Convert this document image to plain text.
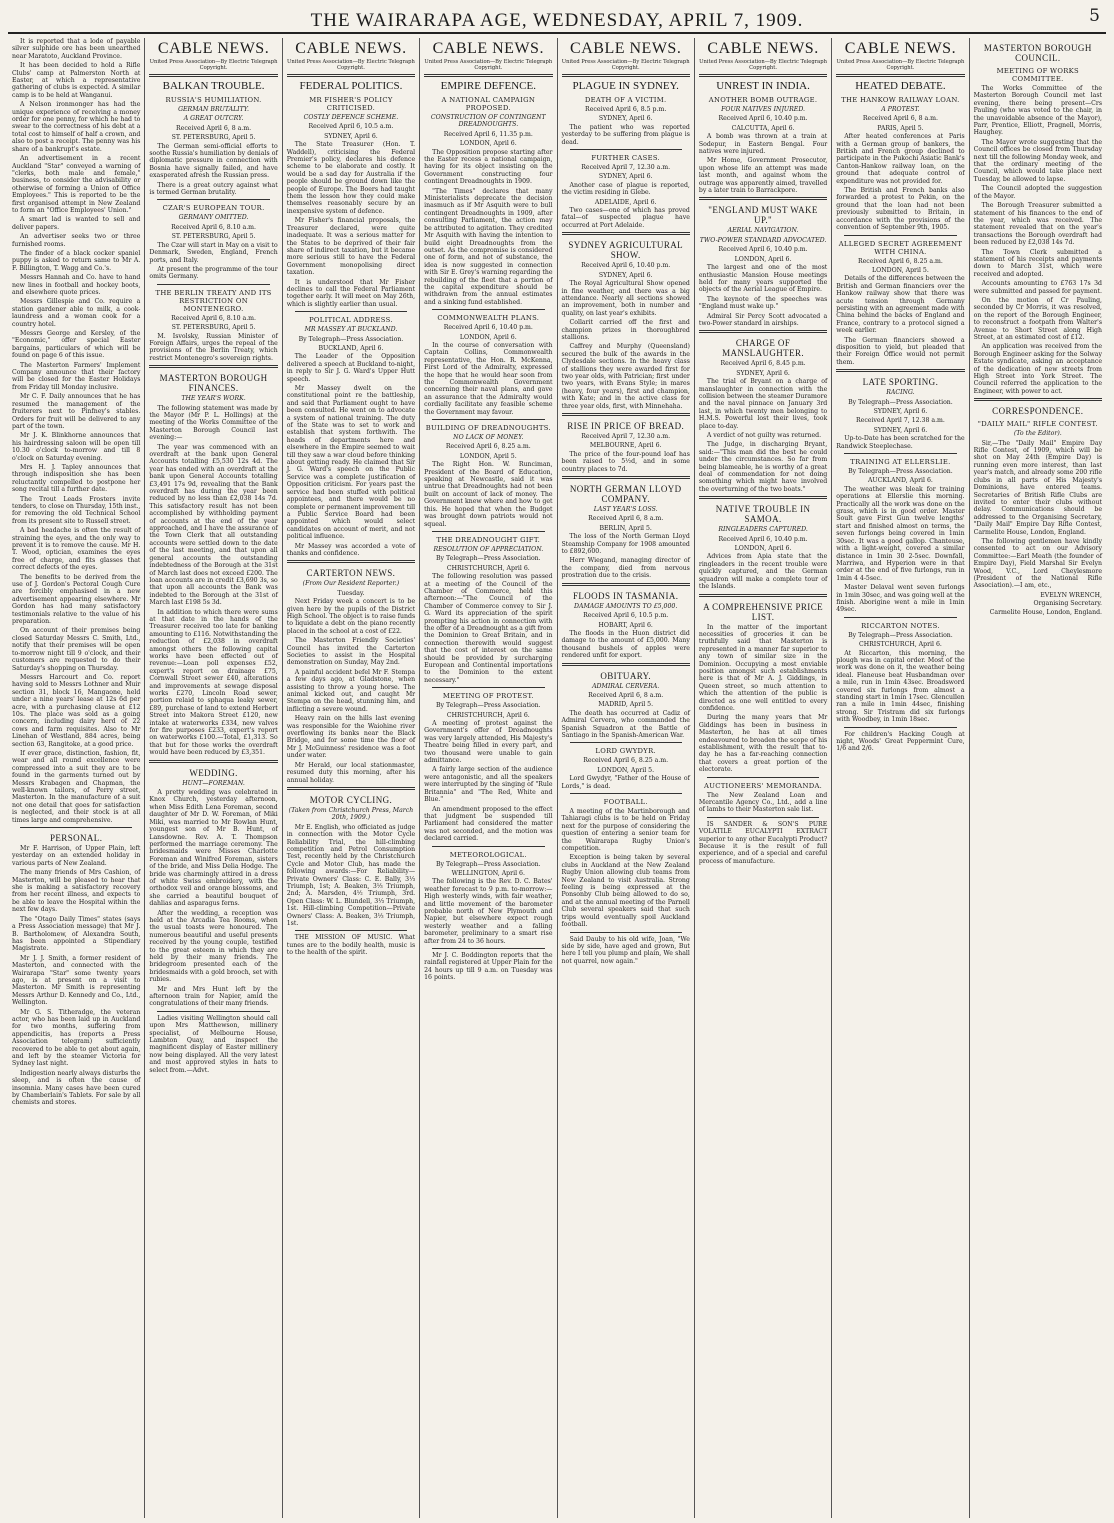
THE WAIRARAPA AGE, WEDNESDAY, APRIL 7, 1909.	5

It is reported that a lode of payable silver sulphide ore has been unearthed near Maratoto, Auckland Province.

It has been decided to hold a Rifle Clubs' camp at Palmerston North at Easter, at which a representative gathering of clubs is expected. A similar camp is to be held at Wanganui.

A Nelson ironmonger has had the unique experience of receiving a money order for one penny, for which he had to swear to the correctness of his debt at a total cost to himself of half a crown, and also to post a receipt. The penny was his share of a bankrupt's estate.

An advertisement in a recent Auckland "Star" conveyed a warning of "clerks, both male and female," business, to consider the advisability or otherwise of forming a Union of Office Employees." This is reported to be the first organised attempt in New Zealand to form an "Office Employees' Union."

A smart lad is wanted to sell and deliver papers.

An advertiser seeks two or three furnished rooms.

The finder of a black cocker spaniel puppy is asked to return same to Mr A. F. Billington, T. Wagg and Co.'s.

Messrs Hannah and Co. have to hand new lines in football and hockey boots, and elsewhere quote prices.

Messrs Gillespie and Co. require a station gardener able to milk, a cook-laundress and a woman cook for a country hotel.

Messrs George and Kersley, of the "Economic," offer special Easter bargains, particulars of which will be found on page 6 of this issue.

The Masterton Farmers' Implement Company announce that their factory will be closed for the Easter Holidays from Friday till Monday inclusive.

Mr C. F. Daily announces that he has resumed the management of the fruiterers next to Pinfney's stables. Orders for fruit will be delivered to any part of the town.

Mr J. K. Blinkhorne announces that his hairdressing saloon will be open till 10.30 o'clock to-morrow and till 8 o'clock on Saturday evening.

Mrs H. J. Tapley announces that through indisposition she has been reluctantly compelled to postpone her song recital till a further date.

The Trout Leads Frosters invite tenders, to close on Thursday, 15th inst., for removing the old Technical School from its present site to Russell street.

A bad headache is often the result of straining the eyes, and the only way to prevent it is to remove the cause. Mr H. T. Wood, optician, examines the eyes free of charge, and fits glasses that correct defects of the eyes.

The benefits to be derived from the use of J. Gordon's Pectoral Cough Cure are forcibly emphasised in a new advertisement appearing elsewhere. Mr Gordon has had many satisfactory testimonials relative to the value of his preparation.

On account of their premises being closed Saturday Messrs C. Smith, Ltd., notify that their premises will be open to-morrow night till 9 o'clock, and their customers are requested to do their Saturday's shopping on Thursday.

Messrs Harcourt and Co. report having sold to Messrs Lothner and Muir section 31, block 16, Mangaone, held under a nine years' lease at 12s 6d per acre, with a purchasing clause at £12 10s. The place was sold as a going concern, including dairy herd of 22 cows and farm requisites. Also to Mr Linehan of Westland, 884 acres, being section 63, Rangitoke, at a good price.

If ever grace, distinction, fashion, fit, wear and all round excellence were compressed into a suit they are to be found in the garments turned out by Messrs Krabagen and Chapman, the well-known tailors, of Perry street, Masterton. In the manufacture of a suit not one detail that goes for satisfaction is neglected, and their stock is at all times large and comprehensive.

PERSONAL.

Mr F. Harrison, of Upper Plain, left yesterday on an extended holiday in various parts of New Zealand.

The many friends of Mrs Cashion, of Masterton, will be pleased to hear that she is making a satisfactory recovery from her recent illness, and expects to be able to leave the Hospital within the next few days.

The "Otago Daily Times" states (says a Press Association message) that Mr J. B. Bartholomew, of Alexandra South, has been appointed a Stipendiary Magistrate.

Mr J. J. Smith, a former resident of Masterton, and connected with the Wairarapa "Star" some twenty years ago, is at present on a visit to Masterton. Mr Smith is representing Messrs Arthur D. Kennedy and Co., Ltd., Wellington.

Mr G. S. Titheradge, the veteran actor, who has been laid up in Auckland for two months, suffering from appendicitis, has (reports a Press Association telegram) sufficiently recovered to be able to get about again, and left by the steamer Victoria for Sydney last night.

Indigestion nearly always disturbs the sleep, and is often the cause of insomnia. Many cases have been cured by Chamberlain's Tablets. For sale by all chemists and stores.

CABLE NEWS.
United Press Association—By Electric Telegraph Copyright.
BALKAN TROUBLE.
RUSSIA'S HUMILIATION.
GERMAN BRUTALITY.
A GREAT OUTCRY.
Received April 6, 8 a.m.
ST. PETERSBURG, April 5.

The German semi-official efforts to soothe Russia's humiliation by denials of diplomatic pressure in connection with Bosnia have signally failed, and have exasperated afresh the Russian press.

There is a great outcry against what is termed German brutality.

CZAR'S EUROPEAN TOUR.
GERMANY OMITTED.
Received April 6, 8.10 a.m.
ST. PETERSBURG, April 5.

The Czar will start in May on a visit to Denmark, Sweden, England, French ports, and Italy.

At present the programme of the tour omits Germany.

THE BERLIN TREATY AND ITS RESTRICTION ON MONTENEGRO.
Received April 6, 8.10 a.m.
ST. PETERSBURG, April 5.

M. Isvolsky, Russian Minister of Foreign Affairs, urges the repeal of the provisions of the Berlin Treaty, which restrict Montenegro's sovereign rights.

MASTERTON BOROUGH FINANCES.
THE YEAR'S WORK.

The following statement was made by the Mayor (Mr P. L. Hollings) at the meeting of the Works Committee of the Masterton Borough Council last evening:—

The year was commenced with an overdraft at the bank upon General Accounts totalling £5,530 12s 4d. The year has ended with an overdraft at the bank upon General Accounts totalling £3,491 17s 9d, revealing that the Bank overdraft has during the year been reduced by no less than £2,038 14s 7d. This satisfactory result has not been accomplished by withholding payment of accounts at the end of the year approached, and I have the assurance of the Town Clerk that all outstanding accounts were settled down to the date of the last meeting, and that upon all general accounts the outstanding indebtedness of the Borough at the 31st of March last does not exceed £200. The loan accounts are in credit £3,690 3s, so that upon all accounts the Bank was indebted to the Borough at the 31st of March last £198 5s 3d.

In addition to which there were sums at that date in the hands of the Treasurer received too late for banking amounting to £116. Notwithstanding the reduction of £2,038 in overdraft amongst others the following capital works have been effected out of revenue:—Loan poll expenses £52, expert's report on drainage £75, Cornwall Street sewer £40, alterations and improvements at sewage disposal works £270, Lincoln Road sewer, portion relaid to sphaqua leaky sewer, £89, purchase of land to extend Herbert Street into Makora Street £120, new intake at waterworks £334, new valves for fire purposes £233, expert's report on waterworks £100.—Total, £1,313. So that but for those works the overdraft would have been reduced by £3,351.

WEDDING.
HUNT—FOREMAN.

A pretty wedding was celebrated in Knox Church, yesterday afternoon, when Miss Edith Lena Foreman, second daughter of Mr D. W. Foreman, of Miki Miki, was married to Mr Rowlan Hunt, youngest son of Mr B. Hunt, of Lansdowne. Rev. A. T. Thompson performed the marriage ceremony. The bridesmaids were Misses Charlotte Foreman and Winifred Foreman, sisters of the bride, and Miss Delia Hodge. The bride was charmingly attired in a dress of white Swiss embroidery, with the orthodox veil and orange blossoms, and she carried a beautiful bouquet of dahlias and asparagus ferns.

After the wedding, a reception was held at the Arcadia Tea Rooms, when the usual toasts were honoured. The numerous beautiful and useful presents received by the young couple, testified to the great esteem in which they are held by their many friends. The bridegroom presented each of the bridesmaids with a gold brooch, set with rubies.

Mr and Mrs Hunt left by the afternoon train for Napier, amid the congratulations of their many friends.

Ladies visiting Wellington should call upon Mrs Matthewson, millinery specialist, of Melbourne House, Lambton Quay, and inspect the magnificent display of Easter millinery now being displayed. All the very latest and most approved styles in hats to select from.—Advt.

CABLE NEWS.
United Press Association—By Electric Telegraph Copyright.
FEDERAL POLITICS.
MR FISHER'S POLICY CRITICISED.
COSTLY DEFENCE SCHEME.
Received April 6, 10.5 a.m.
SYDNEY, April 6.

The State Treasurer (Hon. T. Waddell), criticising the Federal Premier's policy, declares his defence scheme to be elaborate and costly. It would be a sad day for Australia if the people should be ground down like the people of Europe. The Boers had taught them the lesson how they could make themselves reasonably secure by an inexpensive system of defence.

Mr Fisher's financial proposals, the Treasurer declared, were quite inadequate. It was a serious matter for the States to be deprived of their fair share of indirect taxation, but it became more serious still to have the Federal Government monopolising direct taxation.

It is understood that Mr Fisher declines to call the Federal Parliament together early. It will meet on May 26th, which is slightly earlier than usual.

POLITICAL ADDRESS.
MR MASSEY AT BUCKLAND.
By Telegraph—Press Association.
BUCKLAND, April 6.

The Leader of the Opposition delivered a speech at Buckland to-night, in reply to Sir J. G. Ward's Upper Hutt speech.

Mr Massey dwelt on the constitutional point re the battleship, and said that Parliament ought to have been consulted. He went on to advocate a system of national training. The duty of the State was to set to work and establish that system forthwith. The heads of departments here and elsewhere in the Empire seemed to wait till they saw a war cloud before thinking about getting ready. He claimed that Sir J. G. Ward's speech on the Public Service was a complete justification of Opposition criticism. For years past the service had been stuffed with political appointees, and there would be no complete or permanent improvement till a Public Service Board had been appointed which would select candidates on account of merit, and not political influence.

Mr Massey was accorded a vote of thanks and confidence.

CARTERTON NEWS.
(From Our Resident Reporter.)
Tuesday.

Next Friday week a concert is to be given here by the pupils of the District High School. The object is to raise funds to liquidate a debt on the piano recently placed in the school at a cost of £22.

The Masterton Friendly Societies' Council has invited the Carterton Societies to assist in the Hospital demonstration on Sunday, May 2nd.

A painful accident befel Mr F. Stempa a few days ago, at Gladstone, when assisting to throw a young horse. The animal kicked out, and caught Mr Stempa on the head, stunning him, and inflicting a severe wound.

Heavy rain on the hills last evening was responsible for the Waiohine river overflowing its banks near the Black Bridge, and for some time the floor of Mr J. McGuinness' residence was a foot under water.

Mr Herald, our local stationmaster, resumed duty this morning, after his annual holiday.

MOTOR CYCLING.
(Taken from Christchurch Press, March 20th, 1909.)

Mr E. English, who officiated as judge in connection with the Motor Cycle Reliability Trial, the hill-climbing competition and Petrol Consumption Test, recently held by the Christchurch Cycle and Motor Club, has made the following awards:—For Reliability—Private Owners' Class: C. E. Bally, 3⅓ Triumph, 1st; A. Beaken, 3⅓ Triumph, 2nd; A. Marsden, 4½ Triumph, 3rd. Open Class: W. L. Blundell, 3⅓ Triumph, 1st. Hill-climbing Competition—Private Owners' Class: A. Beaken, 3⅓ Triumph, 1st.

THE MISSION OF MUSIC. What tunes are to the bodily health, music is to the health of the spirit.

CABLE NEWS.
United Press Association—By Electric Telegraph Copyright.
EMPIRE DEFENCE.
A NATIONAL CAMPAIGN PROPOSED.
CONSTRUCTION OF CONTINGENT DREADNOUGHTS.
Received April 6, 11.35 p.m.
LONDON, April 6.

The Opposition propose starting after the Easter recess a national campaign, having for its object insisting on the Government constructing four contingent Dreadnoughts in 1909.

"The Times" declares that many Ministerialists deprecate the decision inasmuch as if Mr Asquith were to bull contingent Dreadnoughts in 1909, after consulting Parliament, the action may be attributed to agitation. They credited Mr Asquith with having the intention to build eight Dreadnoughts from the outset. As the compromise is considered one of form, and not of substance, the idea is now suggested in connection with Sir E. Grey's warning regarding the rebuilding of the fleet that a portion of the capital expenditure should be withdrawn from the annual estimates and a sinking fund established.

COMMONWEALTH PLANS.
Received April 6, 10.40 p.m.
LONDON, April 6.

In the course of conversation with Captain Collins, Commonwealth representative, the Hon. R. McKenna, First Lord of the Admiralty, expressed the hope that he would hear soon from the Commonwealth Government concerning their naval plans, and gave an assurance that the Admiralty would cordially facilitate any feasible scheme the Government may favour.

BUILDING OF DREADNOUGHTS.
NO LACK OF MONEY.
Received April 6, 8.25 a.m.
LONDON, April 5.

The Right Hon. W. Runciman, President of the Board of Education, speaking at Newcastle, said it was untrue that Dreadnoughts had not been built on account of lack of money. The Government knew where and how to get this. He hoped that when the Budget was brought down patriots would not squeal.

THE DREADNOUGHT GIFT.
RESOLUTION OF APPRECIATION.
By Telegraph—Press Association.
CHRISTCHURCH, April 6.

The following resolution was passed at a meeting of the Council of the Chamber of Commerce, held this afternoon:—"The Council of the Chamber of Commerce convey to Sir J. G. Ward its appreciation of the spirit prompting his action in connection with the offer of a Dreadnought as a gift from the Dominion to Great Britain, and in connection therewith would suggest that the cost of interest on the same should be provided by surcharging European and Continental importations to the Dominion to the extent necessary."

MEETING OF PROTEST.
By Telegraph—Press Association.
CHRISTCHURCH, April 6.

A meeting of protest against the Government's offer of Dreadnoughts was very largely attended, His Majesty's Theatre being filled in every part, and two thousand were unable to gain admittance.

A fairly large section of the audience were antagonistic, and all the speakers were interrupted by the singing of "Rule Britannia" and "The Red, White and Blue."

An amendment proposed to the effect that judgment be suspended till Parliament had considered the matter was not seconded, and the motion was declared carried.

METEOROLOGICAL.
By Telegraph—Press Association.
WELLINGTON, April 6.

The following is the Rev. D. C. Bates' weather forecast to 9 p.m. to-morrow:—High westerly winds, with fair weather, and little movement of the barometer probable north of New Plymouth and Napier, but elsewhere expect rough westerly weather and a falling barometer, preliminary to a smart rise after from 24 to 36 hours.

Mr J. C. Boddington reports that the rainfall registered at Upper Plain for the 24 hours up till 9 a.m. on Tuesday was 16 points.

CABLE NEWS.
United Press Association—By Electric Telegraph Copyright.
PLAGUE IN SYDNEY.
DEATH OF A VICTIM.
Received April 6, 8.5 p.m.
SYDNEY, April 6.

The patient who was reported yesterday to be suffering from plague is dead.

FURTHER CASES.
Received April 7, 12.30 a.m.
SYDNEY, April 6.

Another case of plague is reported, the victim residing in Glebe.

ADELAIDE, April 6.

Two cases—one of which has proved fatal—of suspected plague have occurred at Port Adelaide.

SYDNEY AGRICULTURAL SHOW.
Received April 6, 10.40 p.m.
SYDNEY, April 6.

The Royal Agricultural Show opened in fine weather, and there was a big attendance. Nearly all sections showed an improvement, both in number and quality, on last year's exhibits.

Collarit carried off the first and champion prizes in thoroughbred stallions.

Caffrey and Murphy (Queensland) secured the bulk of the awards in the Clydesdale sections. In the heavy class of stallions they were awarded first for two year olds, with Patrician; first under two years, with Evans Style; in mares (heavy, four years), first and champion, with Kate; and in the active class for three year olds, first, with Minnehaha.

RISE IN PRICE OF BREAD.
Received April 7, 12.30 a.m.
MELBOURNE, April 6.

The price of the four-pound loaf has been raised to 5½d, and in some country places to 7d.

NORTH GERMAN LLOYD COMPANY.
LAST YEAR'S LOSS.
Received April 6, 8 a.m.
BERLIN, April 5.

The loss of the North German Lloyd Steamship Company for 1908 amounted to £892,600.

Herr Wiegand, managing director of the company, died from nervous prostration due to the crisis.

FLOODS IN TASMANIA.
DAMAGE AMOUNTS TO £5,000.
Received April 6, 10.5 p.m.
HOBART, April 6.

The floods in the Huon district did damage to the amount of £5,000. Many thousand bushels of apples were rendered unfit for export.

OBITUARY.
ADMIRAL CERVERA.
Received April 6, 8 a.m.
MADRID, April 5.

The death has occurred at Cadiz of Admiral Cervera, who commanded the Spanish Squadron at the Battle of Santiago in the Spanish-American War.

LORD GWYDYR.
Received April 6, 8.25 a.m.
LONDON, April 5.

Lord Gwydyr, "Father of the House of Lords," is dead.

FOOTBALL.

A meeting of the Martinborough and Tahiaragi clubs is to be held on Friday next for the purpose of considering the question of entering a senior team for the Wairarapa Rugby Union's competition.

Exception is being taken by several clubs in Auckland at the New Zealand Rugby Union allowing club teams from New Zealand to visit Australia. Strong feeling is being expressed at the Ponsonby Club being allowed to do so, and at the annual meeting of the Parnell Club several speakers said that such trips would eventually spoil Auckland football.

Said Dauby to his old wife, Joan, "We side by side, have aged and grown, But here I tell you plump and plain, We shall not quarrel, now again."

CABLE NEWS.
United Press Association—By Electric Telegraph Copyright.
UNREST IN INDIA.
ANOTHER BOMB OUTRAGE.
FOUR NATIVES INJURED.
Received April 6, 10.40 p.m.
CALCUTTA, April 6.

A bomb was thrown at a train at Sodepur, in Eastern Bengal. Four natives were injured.

Mr Home, Government Prosecutor, upon whose life an attempt was made last month, and against whom the outrage was apparently aimed, travelled by a later train to Barrackpore.

"ENGLAND MUST WAKE UP."
AERIAL NAVIGATION.
TWO-POWER STANDARD ADVOCATED.
Received April 6, 10.40 p.m.
LONDON, April 6.

The largest and one of the most enthusiastic Mansion House meetings held for many years supported the objects of the Aerial League of Empire.

The keynote of the speeches was "England must wake up."

Admiral Sir Percy Scott advocated a two-Power standard in airships.

CHARGE OF MANSLAUGHTER.
Received April 6, 8.45 p.m.
SYDNEY, April 6.

The trial of Bryant on a charge of manslaughter in connection with the collision between the steamer Duramore and the naval pinnace on January 3rd last, in which twenty men belonging to H.M.S. Powerful lost their lives, took place to-day.

A verdict of not guilty was returned.

The Judge, in discharging Bryant, said:—"This man did the best he could under the circumstances. So far from being blameable, he is worthy of a great deal of commendation for not doing something which might have involved the overturning of the two boats."

NATIVE TROUBLE IN SAMOA.
RINGLEADERS CAPTURED.
Received April 6, 10.40 p.m.
LONDON, April 6.

Advices from Apia state that the ringleaders in the recent trouble were quickly captured, and the German squadron will make a complete tour of the Islands.

A COMPREHENSIVE PRICE LIST.

In the matter of the important necessities of groceries it can be truthfully said that Masterton is represented in a manner far superior to any town of similar size in the Dominion. Occupying a most enviable position amongst such establishments here is that of Mr A. J. Giddings, in Queen street, so much attention to which the attention of the public is directed as one well entitled to every confidence.

During the many years that Mr Giddings has been in business in Masterton, he has at all times endeavoured to broaden the scope of his establishment, with the result that to-day he has a far-reaching connection that covers a great portion of the electorate.

AUCTIONEERS' MEMORANDA.

The New Zealand Loan and Mercantile Agency Co., Ltd., add a line of lambs to their Masterton sale list.

IS SANDER & SON'S PURE VOLATILE EUCALYPTI EXTRACT superior to any other Eucalypti Product? Because it is the result of full experience, and of a special and careful process of manufacture.

CABLE NEWS.
United Press Association—By Electric Telegraph Copyright.
HEATED DEBATE.
THE HANKOW RAILWAY LOAN.
A PROTEST.
Received April 6, 8 a.m.
PARIS, April 5.

After heated conferences at Paris with a German group of bankers, the British and French group declined to participate in the Pukochi Asiatic Bank's Canton-Hankow railway loan, on the ground that adequate control of expenditure was not provided for.

The British and French banks also forwarded a protest to Pekin, on the ground that the loan had not been previously submitted to Britain, in accordance with the provisions of the convention of September 9th, 1905.

ALLEGED SECRET AGREEMENT WITH CHINA.
Received April 6, 8.25 a.m.
LONDON, April 5.

Details of the differences between the British and German financiers over the Hankow railway show that there was acute tension through Germany persisting with an agreement made with China behind the backs of England and France, contrary to a protocol signed a week earlier.

The German financiers showed a disposition to yield, but pleaded that their Foreign Office would not permit them.

LATE SPORTING.
RACING.
By Telegraph—Press Association.
SYDNEY, April 6.
Received April 7, 12.38 a.m.
SYDNEY, April 6.

Up-to-Date has been scratched for the Randwick Steeplechase.

TRAINING AT ELLERSLIE.
By Telegraph—Press Association.
AUCKLAND, April 6.

The weather was bleak for training operations at Ellerslie this morning. Practically all the work was done on the grass, which is in good order. Master Soult gave First Gun twelve lengths' start and finished almost on terms, the seven furlongs being covered in 1min 30sec. It was a good gallop. Chanteuse, with a light-weight, covered a similar distance in 1min 30 2-5sec. Downfall, Marriwa, and Hyperion were in that order at the end of five furlongs, run in 1min 4 4-5sec.

Master Delaval went seven furlongs in 1min 30sec, and was going well at the finish. Aborigine went a mile in 1min 49sec.

RICCARTON NOTES.
By Telegraph—Press Association.
CHRISTCHURCH, April 6.

At Riccarton, this morning, the plough was in capital order. Most of the work was done on it, the weather being ideal. Flaneuse beat Husbandman over a mile, run in 1min 43sec. Broadsword covered six furlongs from almost a standing start in 1min 17sec. Glencullen ran a mile in 1min 44sec, finishing strong. Sir Tristram did six furlongs with Woodbey, in 1min 18sec.

For children's Hacking Cough at night, Woods' Great Peppermint Cure, 1/6 and 2/6.

MASTERTON BOROUGH COUNCIL.
MEETING OF WORKS COMMITTEE.

The Works Committee of the Masterton Borough Council met last evening, there being present—Crs Pauling (who was voted to the chair, in the unavoidable absence of the Mayor), Parr, Prentice, Elliott, Pragnell, Morris, Haughey.

The Mayor wrote suggesting that the Council offices be closed from Thursday next till the following Monday week, and that the ordinary meeting of the Council, which would take place next Tuesday, be allowed to lapse.

The Council adopted the suggestion of the Mayor.

The Borough Treasurer submitted a statement of his finances to the end of the year, which was received. The statement revealed that on the year's transactions the Borough overdraft had been reduced by £2,038 14s 7d.

The Town Clerk submitted a statement of his receipts and payments down to March 31st, which were received and adopted.

Accounts amounting to £763 17s 3d were submitted and passed for payment.

On the motion of Cr Pauling, seconded by Cr Morris, it was resolved, on the report of the Borough Engineer, to reconstruct a footpath from Walter's Avenue to Short Street along High Street, at an estimated cost of £12.

An application was received from the Borough Engineer asking for the Solway Estate syndicate, asking an acceptance of the dedication of new streets from High Street into York Street. The Council referred the application to the Engineer, with power to act.

CORRESPONDENCE.
"DAILY MAIL" RIFLE CONTEST.
(To the Editor).

Sir,—The "Daily Mail" Empire Day Rifle Contest, of 1909, which will be shot on May 24th (Empire Day) is running even more interest, than last year's match, and already some 200 rifle clubs in all parts of His Majesty's Dominions, have entered teams. Secretaries of British Rifle Clubs are invited to enter their clubs without delay. Communications should be addressed to the Organising Secretary, "Daily Mail" Empire Day Rifle Contest, Carmelite House, London, England.

The following gentlemen have kindly consented to act on our Advisory Committee:—Earl Meath (the founder of Empire Day), Field Marshal Sir Evelyn Wood, V.C., Lord Cheylesmore (President of the National Rifle Association).—I am, etc.,

EVELYN WRENCH,
Organising Secretary.
Carmelite House, London, England.
